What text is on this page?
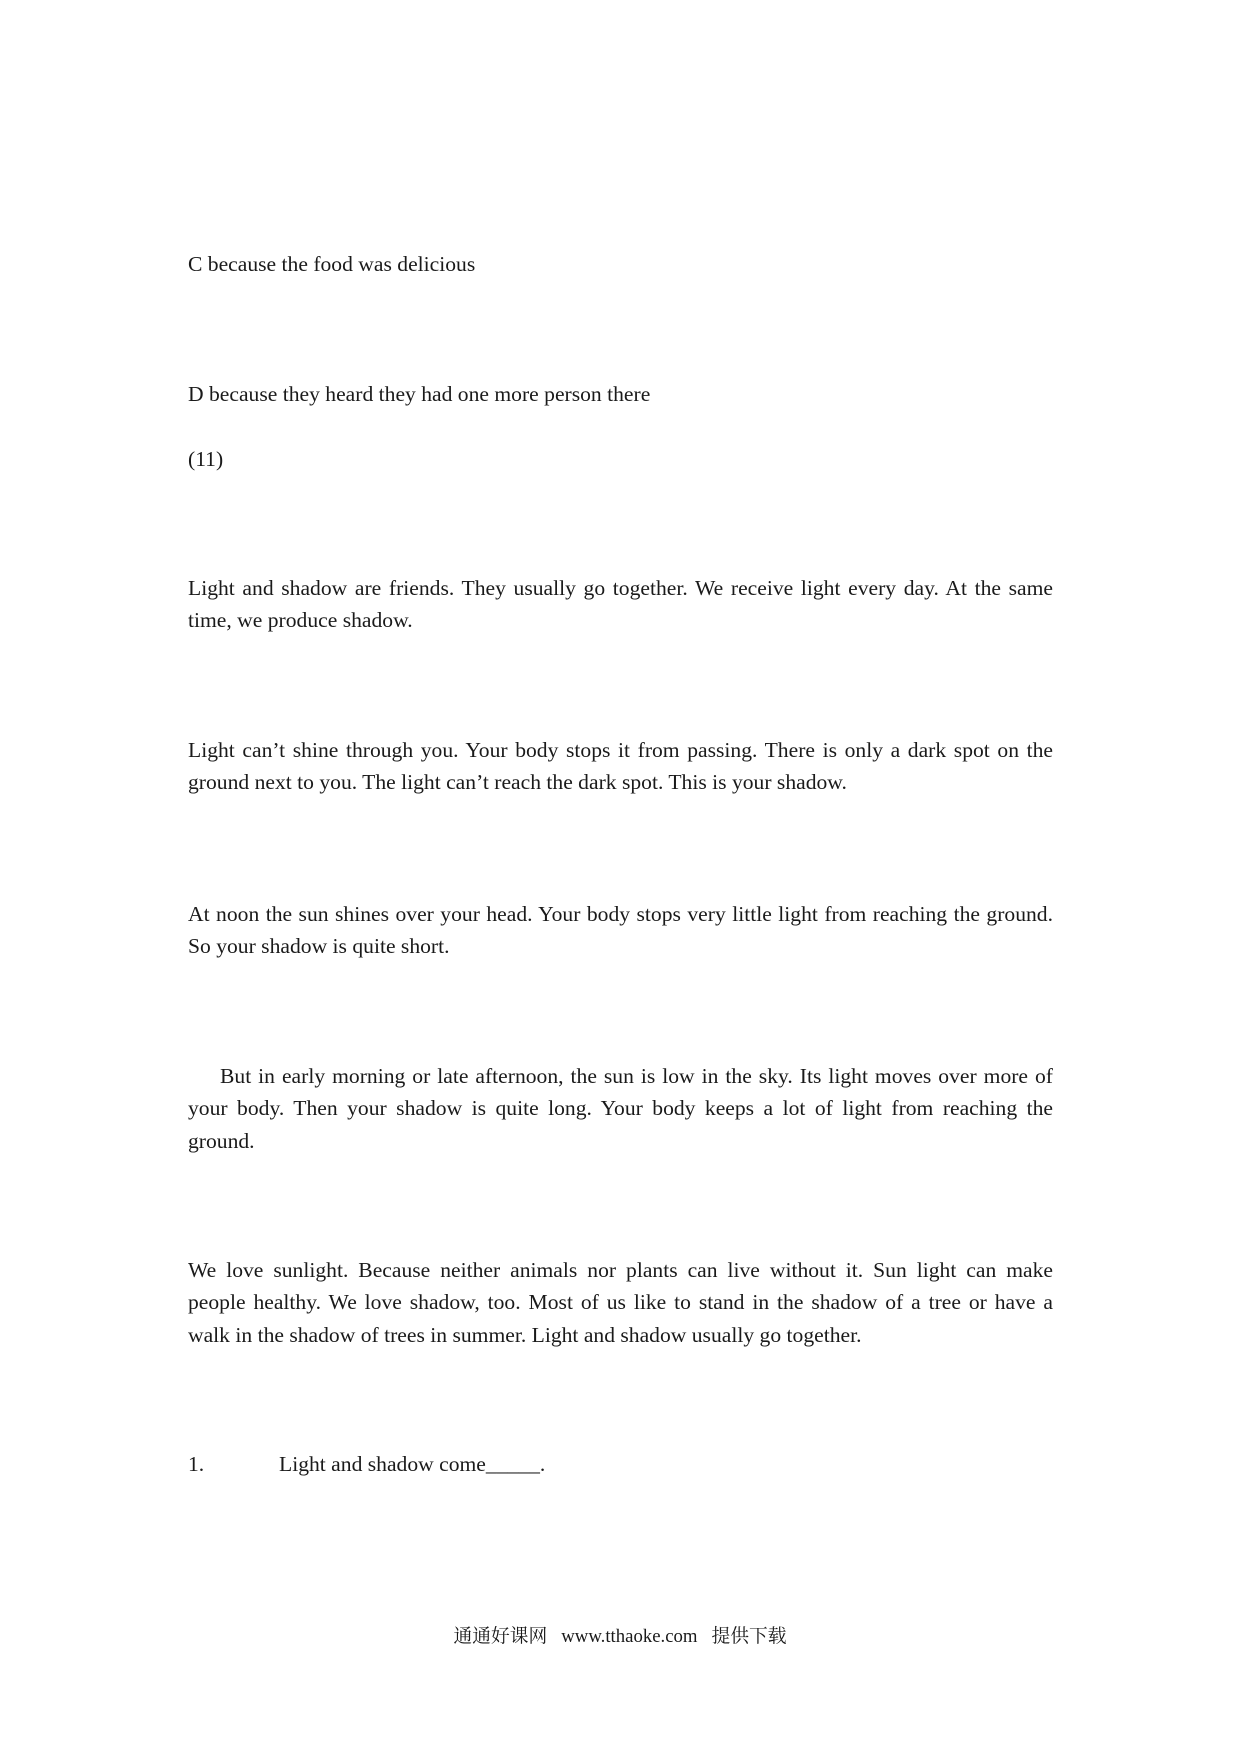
C because the food was delicious
D because they heard they had one more person there
(11)
Light and shadow are friends. They usually go together. We receive light every day. At the same
time, we produce shadow.
Light can’t shine through you. Your body stops it from passing. There is only a dark spot on the
ground next to you. The light can’t reach the dark spot. This is your shadow.
At noon the sun shines over your head. Your body stops very little light from reaching the ground.
So your shadow is quite short.
But in early morning or late afternoon, the sun is low in the sky. Its light moves over more of
your body. Then your shadow is quite long. Your body keeps a lot of light from reaching the
ground.
We love sunlight. Because neither animals nor plants can live without it. Sun light can make
people healthy. We love shadow, too. Most of us like to stand in the shadow of a tree or have a
walk in the shadow of trees in summer. Light and shadow usually go together.
1.	Light and shadow come_____.
通通好课网 www.tthaoke.com 提供下载
